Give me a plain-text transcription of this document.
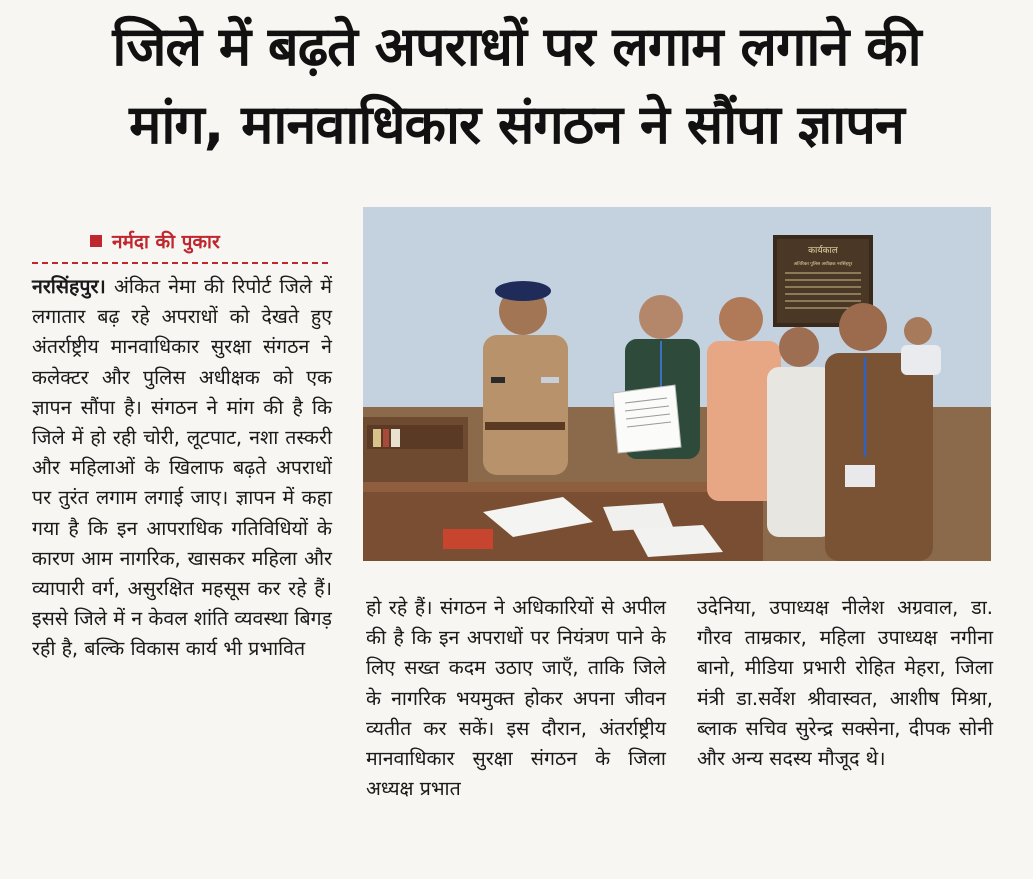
जिले में बढ़ते अपराधों पर लगाम लगाने की
मांग, मानवाधिकार संगठन ने सौंपा ज्ञापन
नर्मदा की पुकार
नरसिंहपुर। अंकित नेमा की रिपोर्ट जिले में लगातार बढ़ रहे अपराधों को देखते हुए अंतर्राष्ट्रीय मानवाधिकार सुरक्षा संगठन ने कलेक्टर और पुलिस अधीक्षक को एक ज्ञापन सौंपा है। संगठन ने मांग की है कि जिले में हो रही चोरी, लूटपाट, नशा तस्करी और महिलाओं के खिलाफ बढ़ते अपराधों पर तुरंत लगाम लगाई जाए। ज्ञापन में कहा गया है कि इन आपराधिक गतिविधियों के कारण आम नागरिक, खासकर महिला और व्यापारी वर्ग, असुरक्षित महसूस कर रहे हैं। इससे जिले में न केवल शांति व्यवस्था बिगड़ रही है, बल्कि विकास कार्य भी प्रभावित
हो रहे हैं। संगठन ने अधिकारियों से अपील की है कि इन अपराधों पर नियंत्रण पाने के लिए सख्त कदम उठाए जाएँ, ताकि जिले के नागरिक भयमुक्त होकर अपना जीवन व्यतीत कर सकें। इस दौरान, अंतर्राष्ट्रीय मानवाधिकार सुरक्षा संगठन के जिला अध्यक्ष प्रभात
उदेनिया, उपाध्यक्ष नीलेश अग्रवाल, डा. गौरव ताम्रकार, महिला उपाध्यक्ष नगीना बानो, मीडिया प्रभारी रोहित मेहरा, जिला मंत्री डा.सर्वेश श्रीवास्वत, आशीष मिश्रा, ब्लाक सचिव सुरेन्द्र सक्सेना, दीपक सोनी और अन्य सदस्य मौजूद थे।
कार्यकाल
अतिरिक्त पुलिस अधीक्षक नरसिंहपुर
